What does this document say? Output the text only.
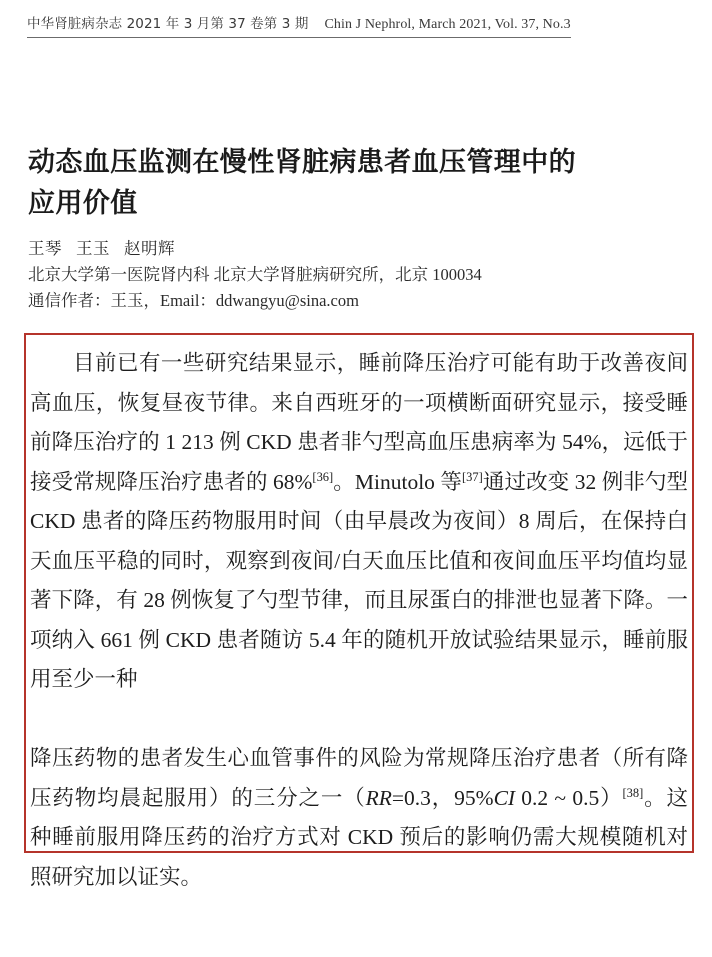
中华肾脏病杂志 2021 年 3 月第 37 卷第 3 期 Chin J Nephrol, March 2021, Vol. 37, No.3
动态血压监测在慢性肾脏病患者血压管理中的
应用价值
王琴 王玉 赵明辉
北京大学第一医院肾内科 北京大学肾脏病研究所，北京 100034
通信作者：王玉，Email：ddwangyu@sina.com

目前已有一些研究结果显示，睡前降压治疗可能有助于改善夜间高血压，恢复昼夜节律。来自西班牙的一项横断面研究显示，接受睡前降压治疗的 1 213 例 CKD 患者非勺型高血压患病率为 54%，远低于接受常规降压治疗患者的 68%[36]。Minutolo 等[37]通过改变 32 例非勺型 CKD 患者的降压药物服用时间（由早晨改为夜间）8 周后，在保持白天血压平稳的同时，观察到夜间/白天血压比值和夜间血压平均值均显著下降，有 28 例恢复了勺型节律，而且尿蛋白的排泄也显著下降。一项纳入 661 例 CKD 患者随访 5.4 年的随机开放试验结果显示，睡前服用至少一种

降压药物的患者发生心血管事件的风险为常规降压治疗患者（所有降压药物均晨起服用）的三分之一（RR=0.3，95%CI 0.2 ~ 0.5）[38]。这种睡前服用降压药的治疗方式对 CKD 预后的影响仍需大规模随机对照研究加以证实。
